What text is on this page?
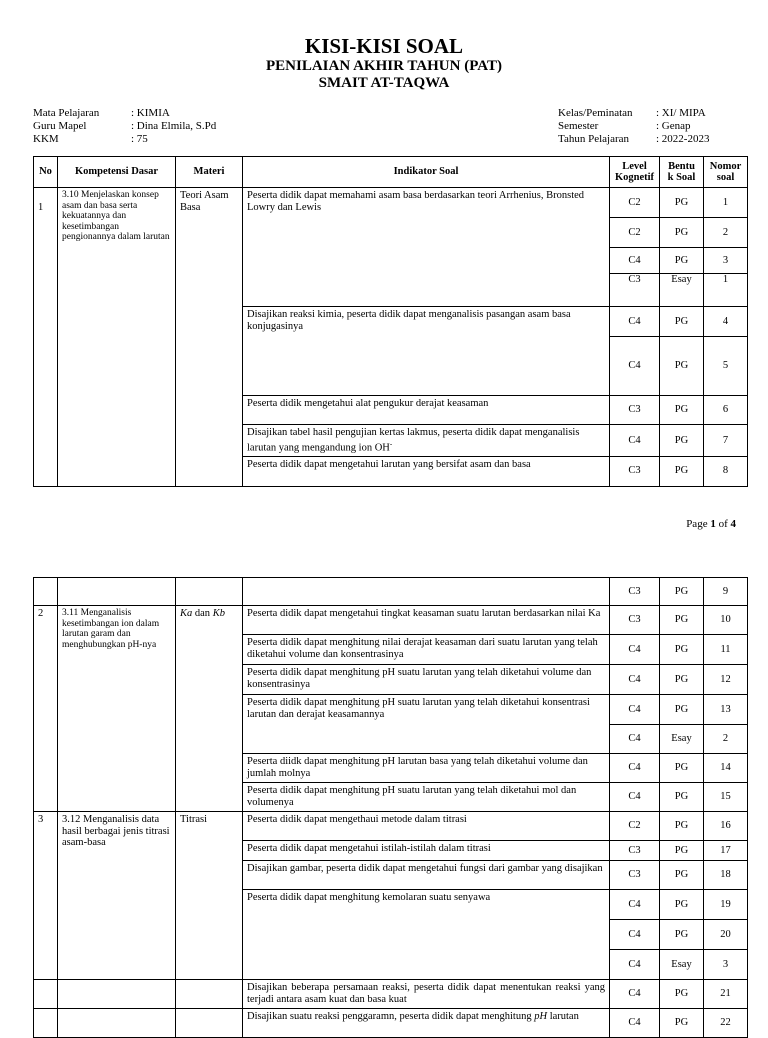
KISI-KISI SOAL
PENILAIAN AKHIR TAHUN (PAT)
SMAIT AT-TAQWA
Mata Pelajaran	: KIMIA
Guru Mapel	: Dina Elmila, S.Pd
KKM	: 75
Kelas/Peminatan	: XI/ MIPA
Semester	: Genap
Tahun Pelajaran	: 2022-2023
No	Kompetensi Dasar	Materi	Indikator Soal	Level Kognetif	Bentu k Soal	Nomor soal
1	3.10 Menjelaskan konsep asam dan basa serta kekuatannya dan kesetimbangan pengionannya dalam larutan	Teori Asam Basa	Peserta didik dapat memahami asam basa berdasarkan teori Arrhenius, Bronsted Lowry dan Lewis	C2	PG	1
				C2	PG	2
				C4	PG	3
				C3	Esay	1
			Disajikan reaksi kimia, peserta didik dapat menganalisis pasangan asam basa konjugasinya	C4	PG	4
				C4	PG	5
			Peserta didik mengetahui alat pengukur derajat keasaman	C3	PG	6
			Disajikan tabel hasil pengujian kertas lakmus, peserta didik dapat menganalisis larutan yang mengandung ion OH-	C4	PG	7
			Peserta didik dapat mengetahui larutan yang bersifat asam dan basa	C3	PG	8
Page 1 of 4
				C3	PG	9
2	3.11 Menganalisis kesetimbangan ion dalam larutan garam dan menghubungkan pH-nya	Ka dan Kb	Peserta didik dapat mengetahui tingkat keasaman suatu larutan berdasarkan nilai Ka	C3	PG	10
			Peserta didik dapat menghitung nilai derajat keasaman dari suatu larutan yang telah diketahui volume dan konsentrasinya	C4	PG	11
			Peserta didik dapat menghitung pH suatu larutan yang telah diketahui volume dan konsentrasinya	C4	PG	12
			Peserta didik dapat menghitung pH suatu larutan yang telah diketahui konsentrasi larutan dan derajat keasamannya	C4	PG	13
				C4	Esay	2
			Peserta diidk dapat menghitung pH larutan basa yang telah diketahui volume dan jumlah molnya	C4	PG	14
			Peserta didik dapat menghitung pH suatu larutan yang telah diketahui mol dan volumenya	C4	PG	15
3	3.12 Menganalisis data hasil berbagai jenis titrasi asam-basa	Titrasi	Peserta didik dapat mengethaui metode dalam titrasi	C2	PG	16
			Peserta didik dapat mengetahui istilah-istilah dalam titrasi	C3	PG	17
			Disajikan gambar, peserta didik dapat mengetahui fungsi dari gambar yang disajikan	C3	PG	18
			Peserta didik dapat menghitung kemolaran suatu senyawa	C4	PG	19
				C4	PG	20
				C4	Esay	3
			Disajikan beberapa persamaan reaksi, peserta didik dapat menentukan reaksi yang terjadi antara asam kuat dan basa kuat	C4	PG	21
			Disajikan suatu reaksi penggaramn, peserta didik dapat menghitung pH larutan	C4	PG	22
